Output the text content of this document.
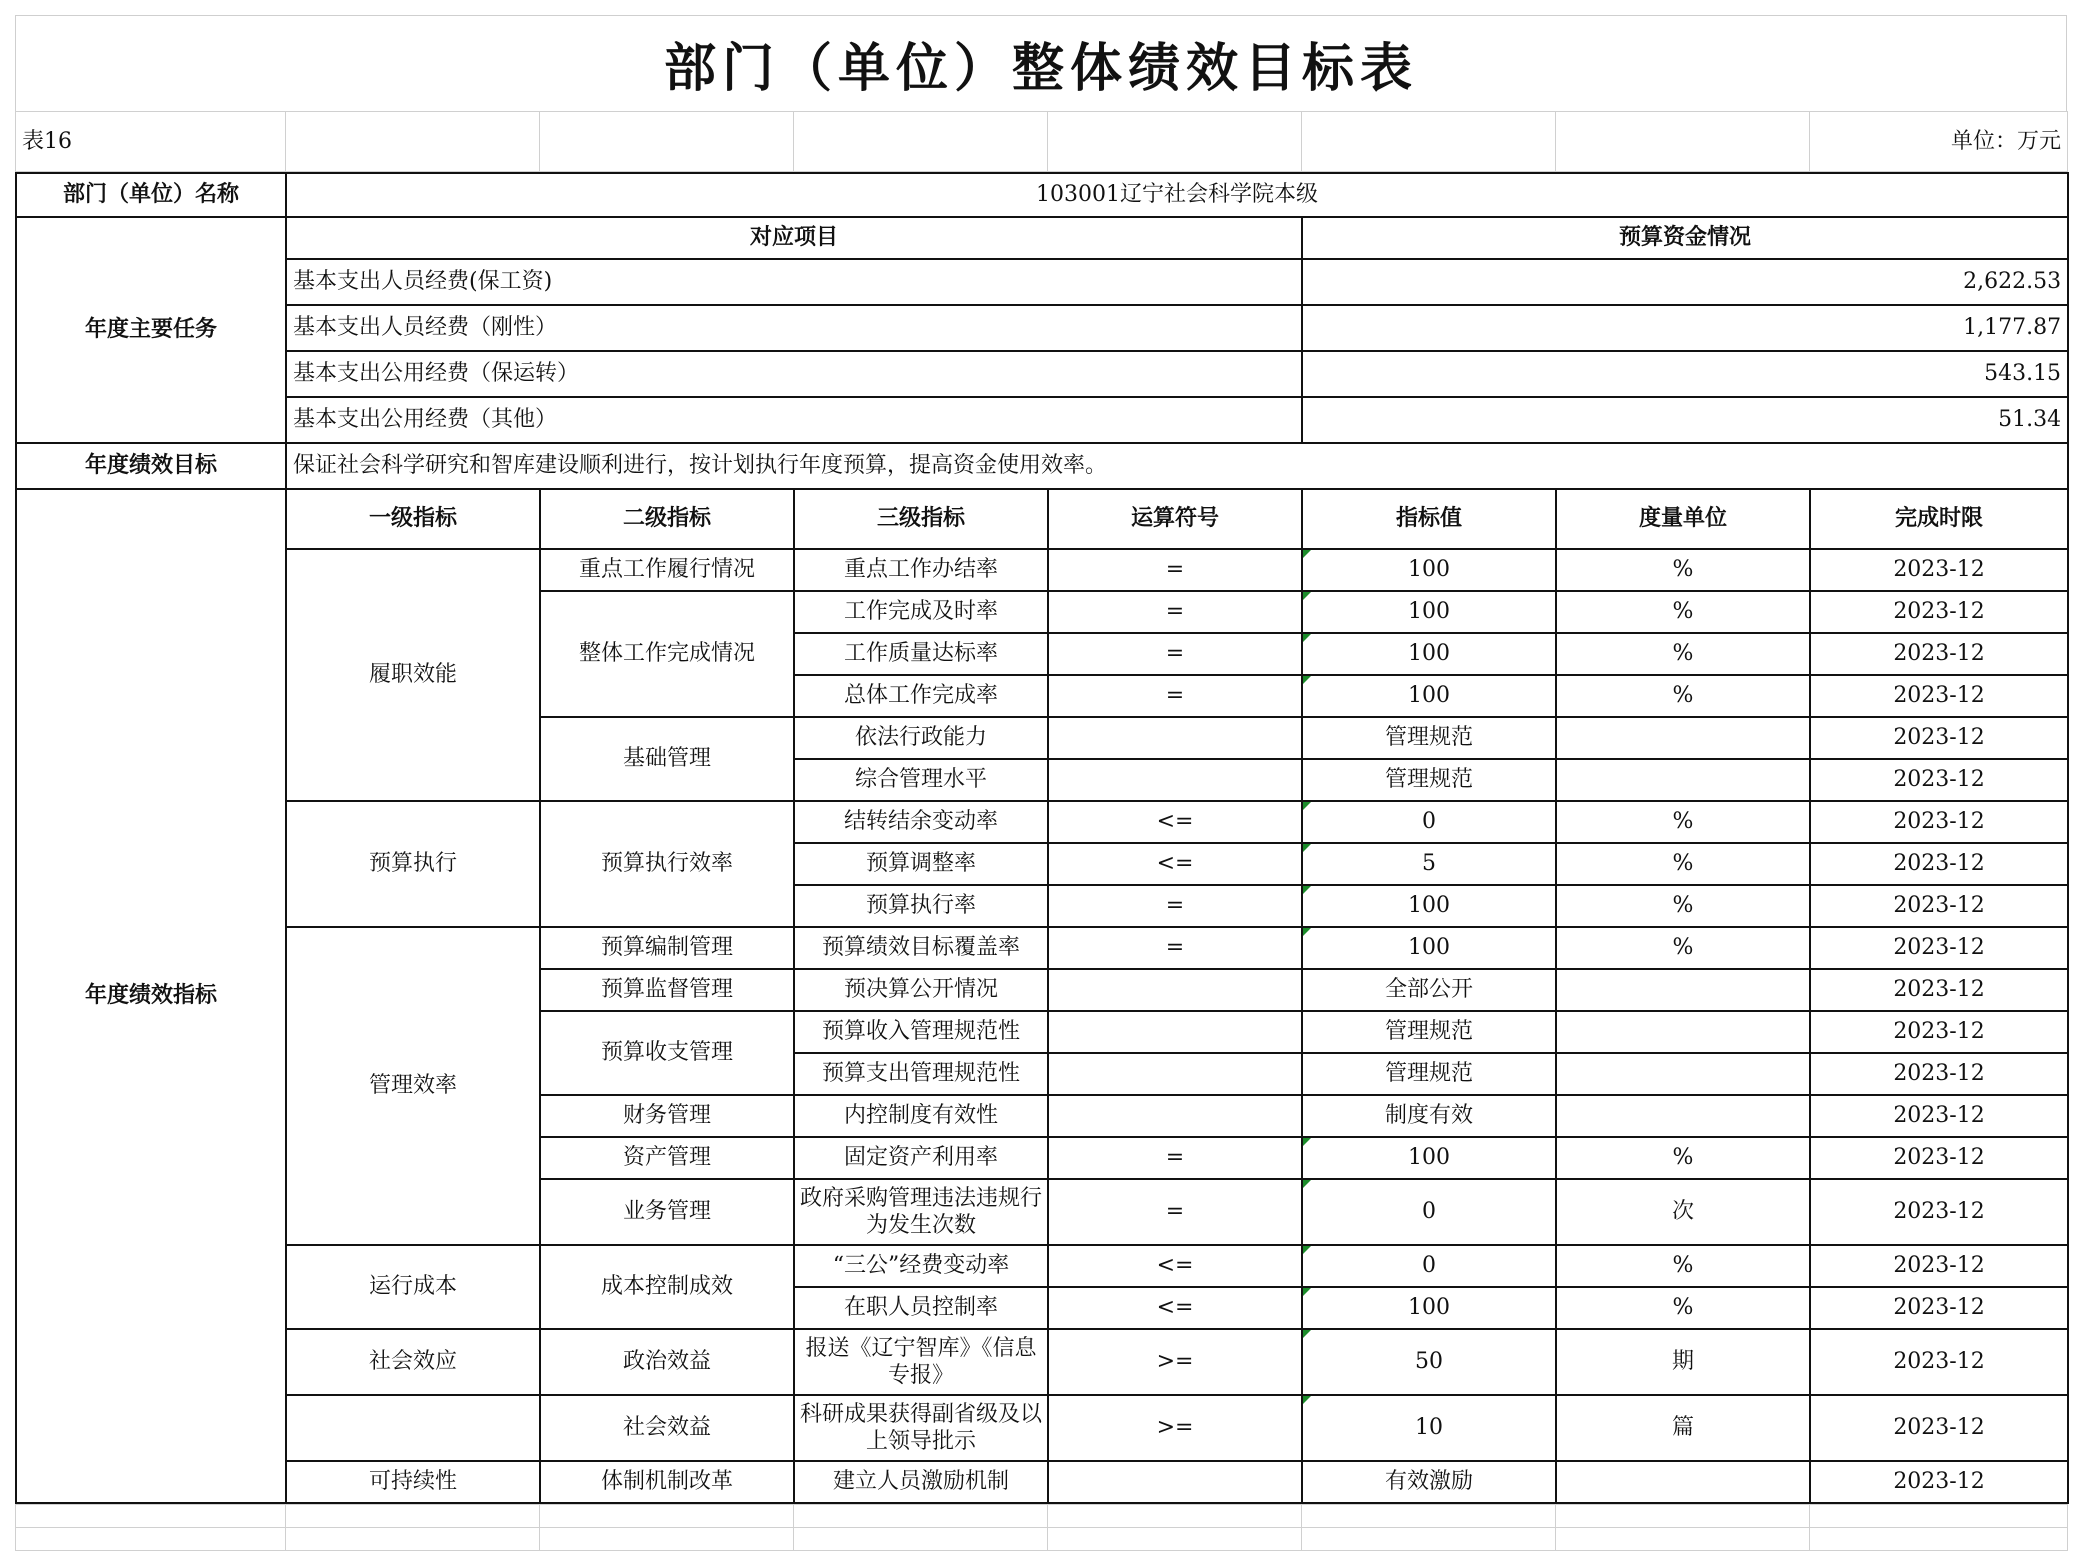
部门（单位）整体绩效目标表
表16							单位：万元
部门（单位）名称	103001辽宁社会科学院本级						
年度主要任务	对应项目				预算资金情况		
	基本支出人员经费(保工资)				2,622.53		
	基本支出人员经费（刚性）				1,177.87		
	基本支出公用经费（保运转）				543.15		
	基本支出公用经费（其他）				51.34		
年度绩效目标	保证社会科学研究和智库建设顺利进行，按计划执行年度预算，提高资金使用效率。						
年度绩效指标	一级指标	二级指标	三级指标	运算符号	指标值	度量单位	完成时限
	履职效能	重点工作履行情况	重点工作办结率	=	100	%	2023-12
		整体工作完成情况	工作完成及时率	=	100	%	2023-12
			工作质量达标率	=	100	%	2023-12
			总体工作完成率	=	100	%	2023-12
		基础管理	依法行政能力		管理规范		2023-12
			综合管理水平		管理规范		2023-12
	预算执行	预算执行效率	结转结余变动率	<=	0	%	2023-12
			预算调整率	<=	5	%	2023-12
			预算执行率	=	100	%	2023-12
	管理效率	预算编制管理	预算绩效目标覆盖率	=	100	%	2023-12
		预算监督管理	预决算公开情况		全部公开		2023-12
		预算收支管理	预算收入管理规范性		管理规范		2023-12
			预算支出管理规范性		管理规范		2023-12
		财务管理	内控制度有效性		制度有效		2023-12
		资产管理	固定资产利用率	=	100	%	2023-12
		业务管理	政府采购管理违法违规行为发生次数	=	0	次	2023-12
	运行成本	成本控制成效	“三公”经费变动率	<=	0	%	2023-12
			在职人员控制率	<=	100	%	2023-12
	社会效应	政治效益	报送《辽宁智库》《信息专报》	>=	50	期	2023-12
		社会效益	科研成果获得副省级及以上领导批示	>=	10	篇	2023-12
	可持续性	体制机制改革	建立人员激励机制		有效激励		2023-12
